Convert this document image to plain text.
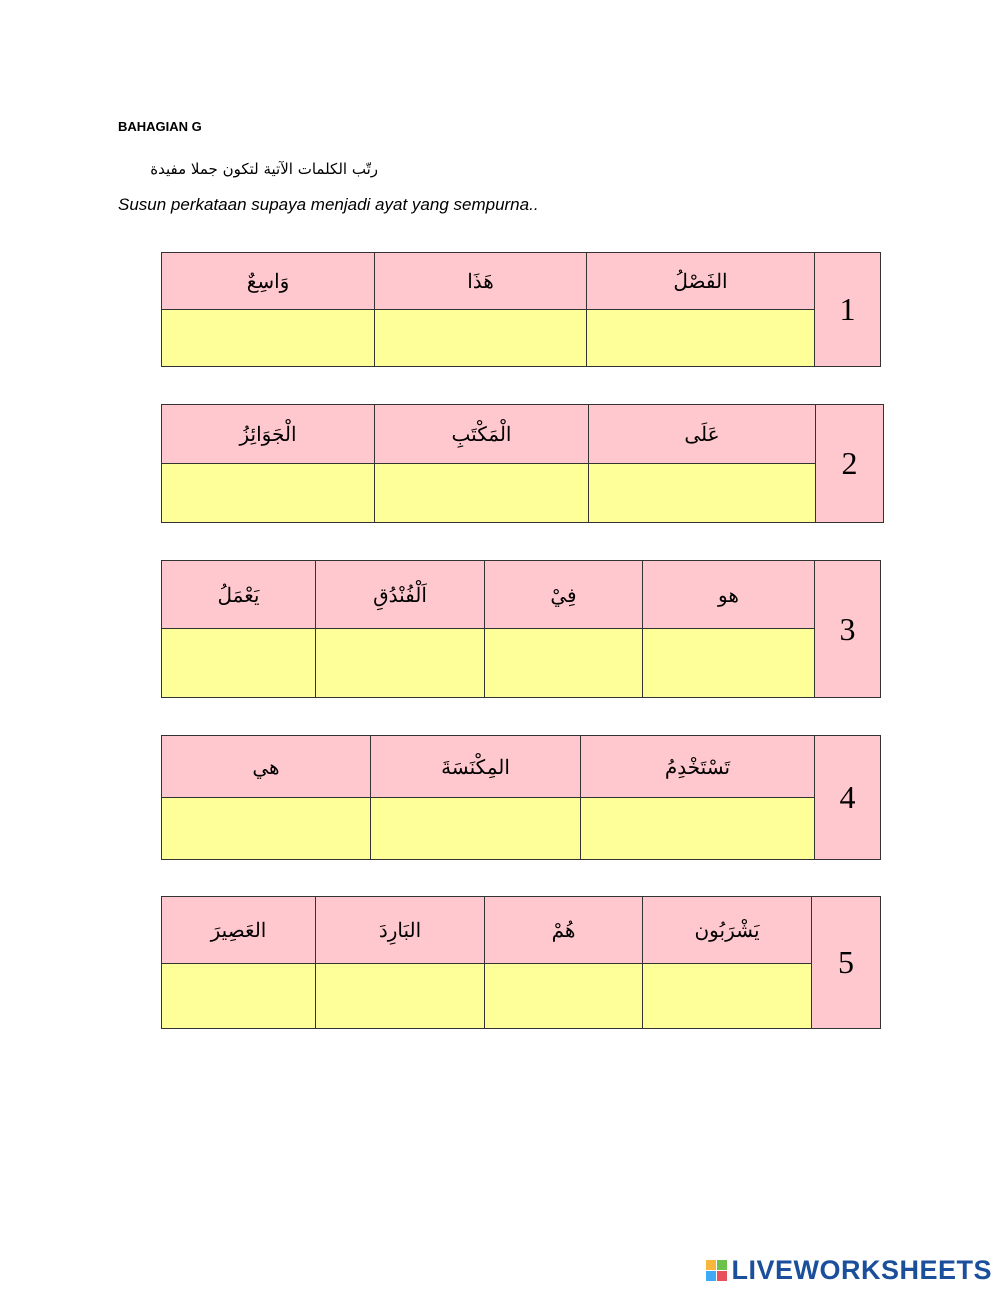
BAHAGIAN G
رتّب الكلمات الآتية لتكون جملا مفيدة
Susun perkataan supaya menjadi ayat yang sempurna..
وَاسِعٌ	هَذَا	الفَصْلُ	1

الْجَوَائِزُ	الْمَكْتَبِ	عَلَى	2

يَعْمَلُ	اَلْفُنْدُقِ	فِيْ	هو	3

هي	المِكْنَسَةَ	تَسْتَخْدِمُ	4

العَصِيرَ	البَارِدَ	هُمْ	يَشْرَبُون	5

LIVEWORKSHEETS
